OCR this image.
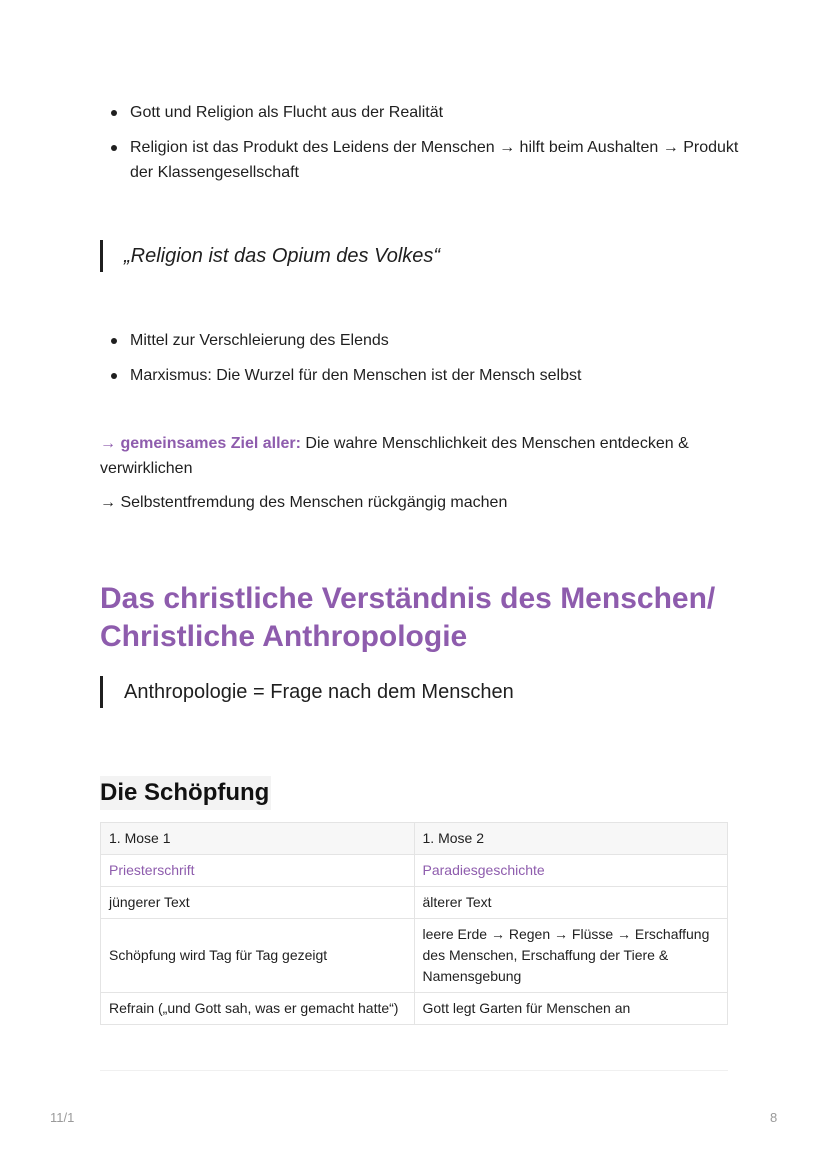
Gott und Religion als Flucht aus der Realität
Religion ist das Produkt des Leidens der Menschen → hilft beim Aushalten → Produkt der Klassengesellschaft
„Religion ist das Opium des Volkes“
Mittel zur Verschleierung des Elends
Marxismus: Die Wurzel für den Menschen ist der Mensch selbst

→ gemeinsames Ziel aller: Die wahre Menschlichkeit des Menschen entdecken & verwirklichen

→ Selbstentfremdung des Menschen rückgängig machen

Das christliche Verständnis des Menschen/ Christliche Anthropologie
Anthropologie = Frage nach dem Menschen
Die Schöpfung
1. Mose 1	1. Mose 2
Priesterschrift	Paradiesgeschichte
jüngerer Text	älterer Text
Schöpfung wird Tag für Tag gezeigt	leere Erde → Regen → Flüsse → Erschaffung des Menschen, Erschaffung der Tiere & Namensgebung
Refrain („und Gott sah, was er gemacht hatte“)	Gott legt Garten für Menschen an
11/1	8
